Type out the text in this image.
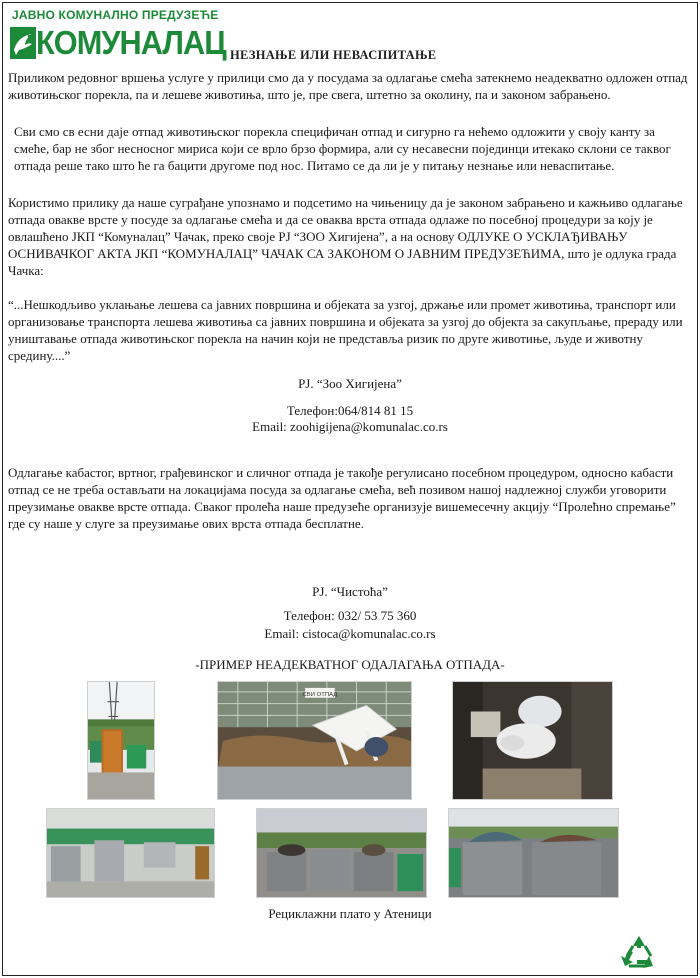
ЈАВНО КОМУНАЛНО ПРЕДУЗЕЋЕ
КОМУНАЛАЦ НЕЗНАЊЕ ИЛИ НЕВАСПИТАЊЕ

Приликом редовног вршења услуге у прилици смо да у посудама за одлагање смећа затекнемо неадекватно одложен отпад животињског порекла, па и лешеве животиња, што је, пре свега, штетно за околину, па и законом забрањено.

Сви смо св есни даје отпад животињског порекла специфичан отпад и сигурно га нећемо одложити у своју канту за смеће, бар не због неснoсног мириса који се врло брзо формира, али су несавесни појединци итекако склони се таквог отпада реше тако што ће га бацити другоме под нос. Питамо се да ли је у питању незнање или невaспитање.

Користимо прилику да наше суграђане упознамо и подсетимо на чињеницу да је законом забрањено и кажњиво одлагање отпада овакве врсте у посуде за одлагање смећа и да се оваква врста отпада одлаже по посебној процедури за коју је овлашћено ЈКП “Комуналац” Чачак, преко своје РЈ “ЗОО Хигијена”, а на основу ОДЛУКЕ О УСКЛАЂИВАЊУ ОСНИВАЧКОГ АКТА ЈКП “КОМУНАЛАЦ” ЧАЧАК СА ЗАКОНОМ О ЈАВНИМ ПРЕДУЗЕЋИМА, што је одлука града Чачка:

“...Нешкодљиво уклањање лешева са јавних површина и објеката за узгој, држање или промет животиња, транспорт или организовање транспорта лешева животиња са јавних површина и објеката за узгој до објекта за сакупљање, прераду или уништавање отпада животињског порекла на начин који не представља ризик по друге животиње, људе и животну средину....”

РЈ. “Зоо Хигијена”
Телефон:064/814 81 15
Email: zoohigijena@komunalac.co.rs

Одлагање кабастог, вртног, грађевинског и сличног отпада је такође регулисано посебном процедуром, односно кабасти отпад се не треба остављати на локацијама посуда за одлагање смећа, већ позивом нашој надлежној служби уговорити преузимање овакве врсте отпада. Сваког пролећа наше предузеће организује вишемесечну акцију “Пролећно спремање” где су наше у слуге за преузимање ових врста отпада бесплатне.

РЈ. “Чистоћа”
Телефон: 032/ 53 75 360
Email: cistoca@komunalac.co.rs
-ПРИМЕР НЕАДЕКВАТНОГ ОДАЛАГАЊА ОТПАДА-
СВИ ОТПАД
Рециклажни плато у Атеници
